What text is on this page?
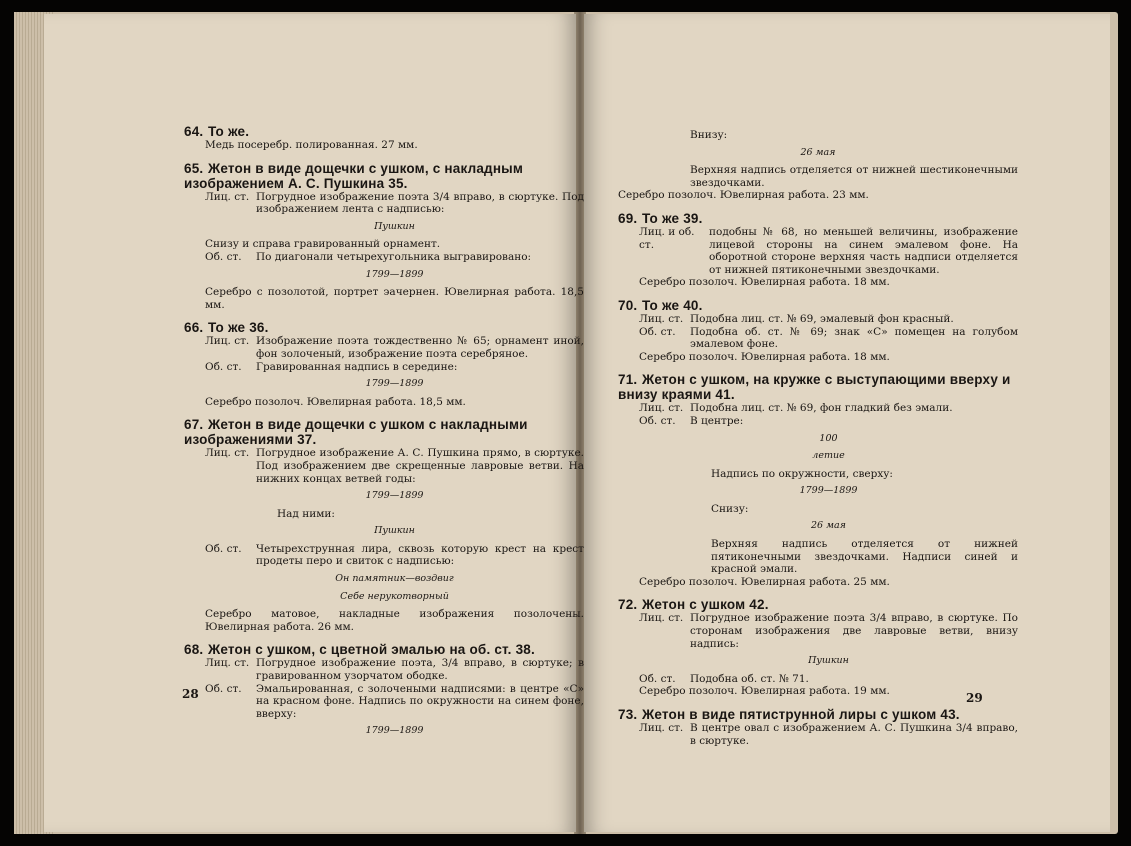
64. То же.
Медь посеребр. полированная. 27 мм.
65. Жетон в виде дощечки с ушком, с накладным изображением А. С. Пушкина 35.
Лиц. ст. Погрудное изображение поэта 3/4 вправо, в сюртуке. Под изображением лента с надписью:
Пушкин
Снизу и справа гравированный орнамент.
Об. ст.	По диагонали четырехугольника выгравировано:
1799—1899
Серебро с позолотой, портрет эачернен. Ювелирная работа. 18,5 мм.
66. То же 36.
Лиц. ст. Изображение поэта тождественно № 65; орнамент иной, фон золоченый, изображение поэта серебряное.
Об. ст.	Гравированная надпись в середине:
1799—1899
Серебро позолоч. Ювелирная работа. 18,5 мм.
67. Жетон в виде дощечки с ушком с накладными изображениями 37.
Лиц. ст. Погрудное изображение А. С. Пушкина прямо, в сюртуке. Под изображением две скрещенные лавровые ветви. На нижних концах ветвей годы:
1799—1899
Над ними:
Пушкин
Об. ст.	Четырехструнная лира, сквозь которую крест на крест продеты перо и свиток с надписью:
Он памятник—воздвиг
Себе нерукотворный
Серебро матовое, накладные изображения позолочены. Ювелирная работа. 26 мм.
68. Жетон с ушком, с цветной эмалью на об. ст. 38.
Лиц. ст. Погрудное изображение поэта, 3/4 вправо, в сюртуке; в гравированном узорчатом ободке.
Об. ст.	Эмальированная, с золочеными надписями: в центре «С» на красном фоне. Надпись по окружности на синем фоне, вверху:
1799—1899
28
Внизу:
26 мая
Верхняя надпись отделяется от нижней шестиконечными звездочками.
Серебро позолоч. Ювелирная работа. 23 мм.
69. То же 39.
Лиц. и об. ст.
подобны № 68, но меньшей величины, изображение лицевой стороны на синем эмалевом фоне. На оборотной стороне верхняя часть надписи отделяется от нижней пятиконечными звездочками.
Серебро позолоч. Ювелирная работа. 18 мм.
70. То же 40.
Лиц. ст. Подобна лиц. ст. № 69, эмалевый фон красный.
Об. ст.	Подобна об. ст. № 69; знак «С» помещен на голубом эмалевом фоне.
Серебро позолоч. Ювелирная работа. 18 мм.
71. Жетон с ушком, на кружке с выступающими вверху и внизу краями 41.
Лиц. ст. Подобна лиц. ст. № 69, фон гладкий без эмали.
Об. ст.	В центре:
100
летие
Надпись по окружности, сверху:
1799—1899
Снизу:
26 мая
Верхняя надпись отделяется от нижней пятиконечными звездочками. Надписи синей и красной эмали.
Серебро позолоч. Ювелирная работа. 25 мм.
72. Жетон с ушком 42.
Лиц. ст. Погрудное изображение поэта 3/4 вправо, в сюртуке. По сторонам изображения две лавровые ветви, внизу надпись:
Пушкин
Об. ст.	Подобна об. ст. № 71.
Серебро позолоч. Ювелирная работа. 19 мм.
73. Жетон в виде пятиструнной лиры с ушком 43.
Лиц. ст. В центре овал с изображением А. С. Пушкина 3/4 вправо, в сюртуке.
29
